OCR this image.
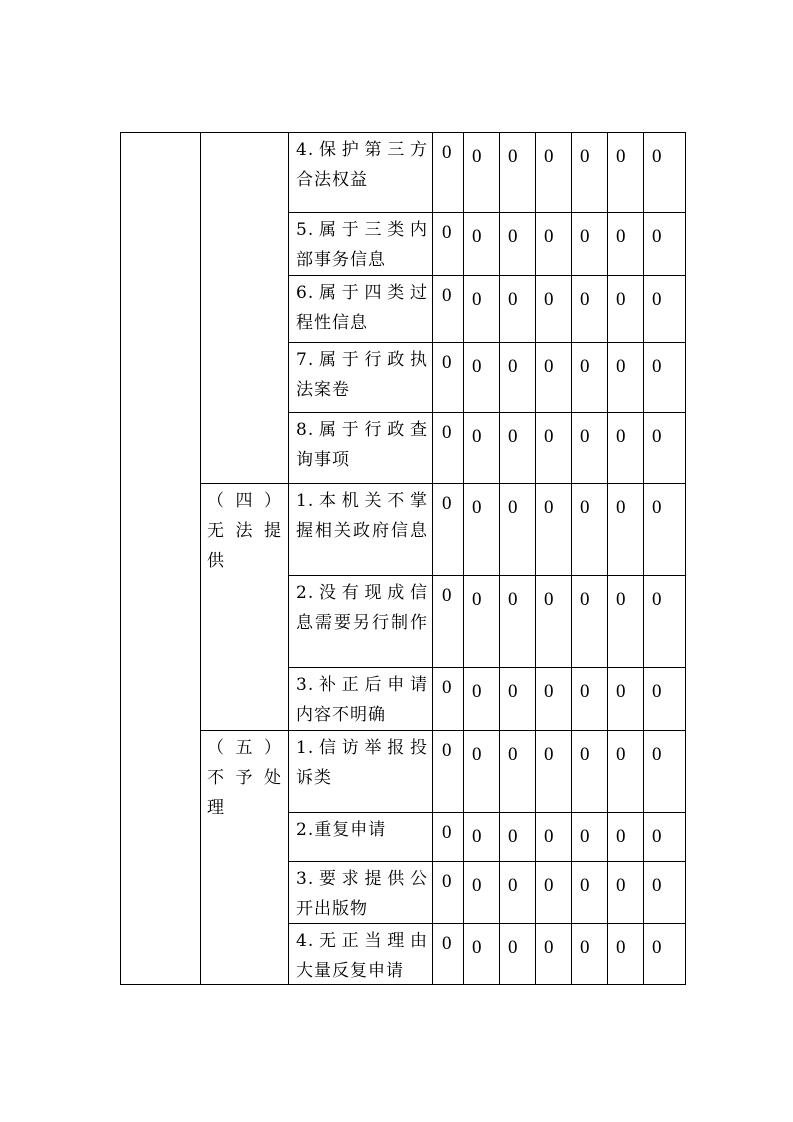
4.保护第三方
合法权益
0 0 0 0 0 0 0
5.属于三类内
部事务信息
0 0 0 0 0 0 0
6.属于四类过
程性信息
0 0 0 0 0 0 0
7.属于行政执
法案卷
0 0 0 0 0 0 0
8.属于行政查
询事项
0 0 0 0 0 0 0
1.本机关不掌
握相关政府信息
0 0 0 0 0 0 0
2.没有现成信
息需要另行制作
0 0 0 0 0 0 0
3.补正后申请
内容不明确
0 0 0 0 0 0 0
（四）
无法提
供
1.信访举报投
诉类
0 0 0 0 0 0 0
2.重复申请	0 0 0 0 0 0 0
3.要求提供公
开出版物
0 0 0 0 0 0 0
4.无正当理由
大量反复申请
0 0 0 0 0 0 0
（五）
不予处
理
